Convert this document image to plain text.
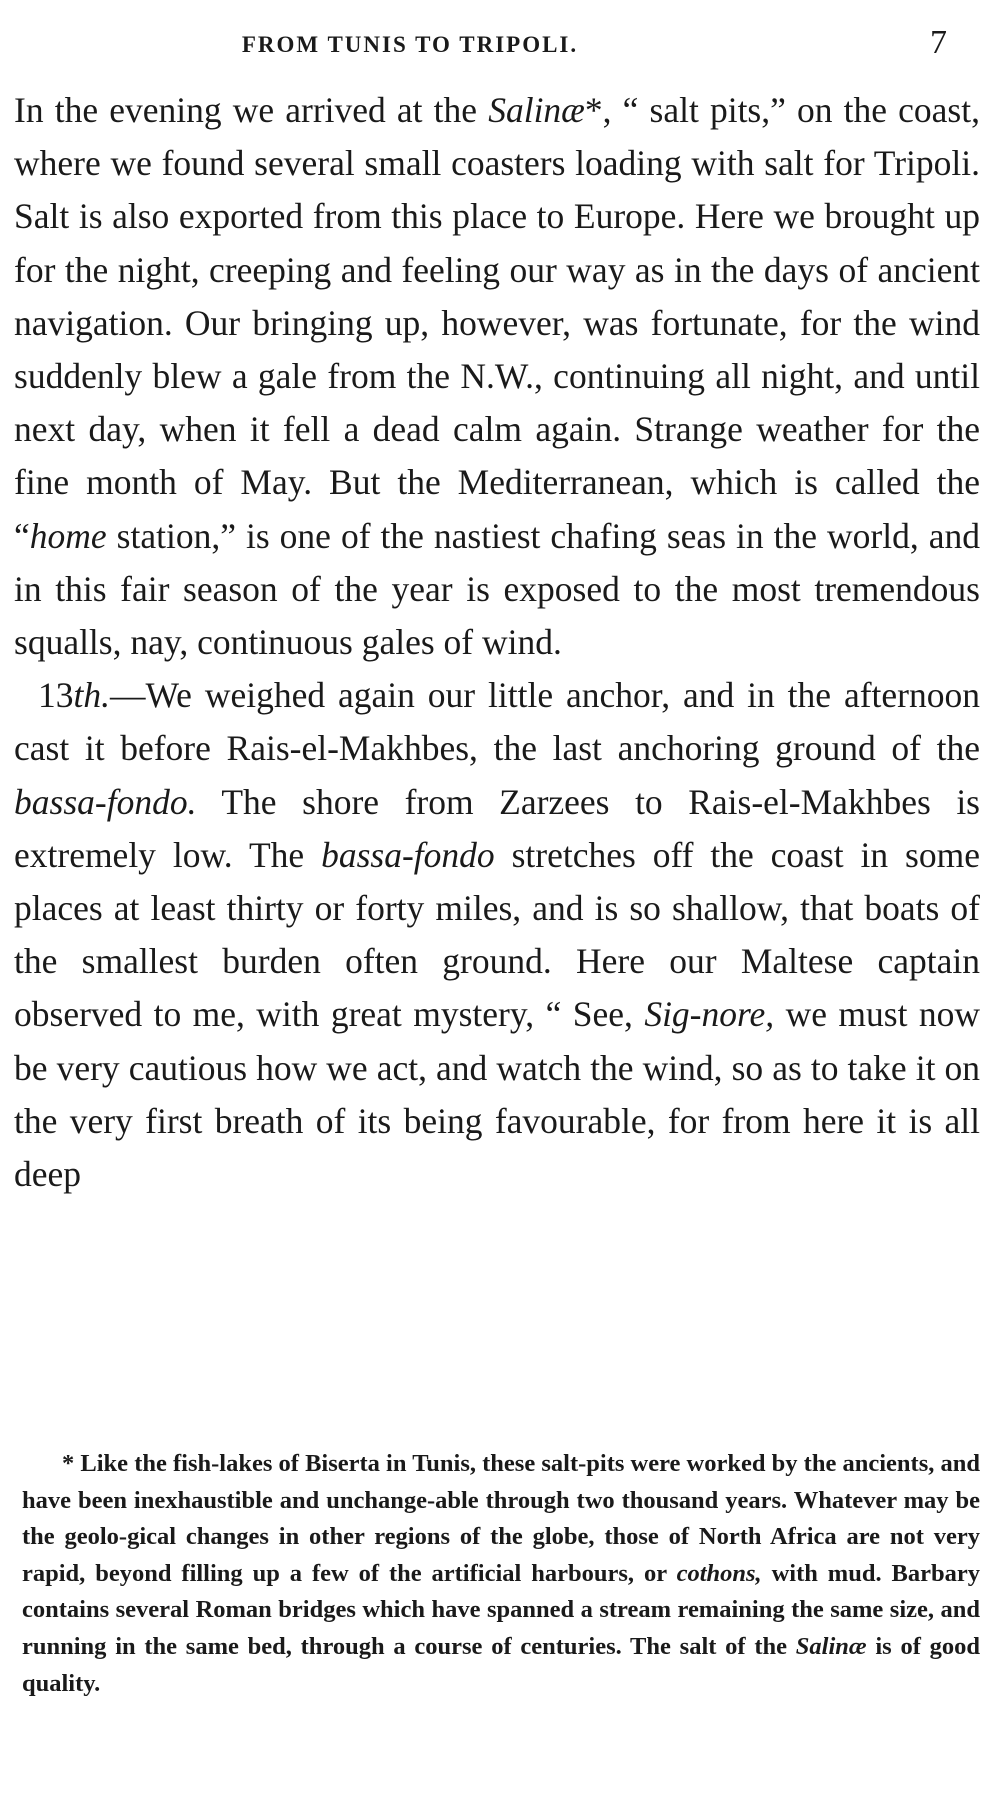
FROM TUNIS TO TRIPOLI.	7

In the evening we arrived at the Salinæ*, “ salt pits,” on the coast, where we found several small coasters loading with salt for Tripoli. Salt is also exported from this place to Europe. Here we brought up for the night, creeping and feeling our way as in the days of ancient navigation. Our bringing up, however, was fortunate, for the wind suddenly blew a gale from the N.W., continuing all night, and until next day, when it fell a dead calm again. Strange weather for the fine month of May. But the Mediterranean, which is called the “home station,” is one of the nastiest chafing seas in the world, and in this fair season of the year is exposed to the most tremendous squalls, nay, continuous gales of wind.

13th.—We weighed again our little anchor, and in the afternoon cast it before Rais-el-Makhbes, the last anchoring ground of the bassa-fondo. The shore from Zarzees to Rais-el-Makhbes is extremely low. The bassa-fondo stretches off the coast in some places at least thirty or forty miles, and is so shallow, that boats of the smallest burden often ground. Here our Maltese captain observed to me, with great mystery, “ See, Sig-nore, we must now be very cautious how we act, and watch the wind, so as to take it on the very first breath of its being favourable, for from here it is all deep

* Like the fish-lakes of Biserta in Tunis, these salt-pits were worked by the ancients, and have been inexhaustible and unchange-able through two thousand years. Whatever may be the geolo-gical changes in other regions of the globe, those of North Africa are not very rapid, beyond filling up a few of the artificial harbours, or cothons, with mud. Barbary contains several Roman bridges which have spanned a stream remaining the same size, and running in the same bed, through a course of centuries. The salt of the Salinæ is of good quality.
